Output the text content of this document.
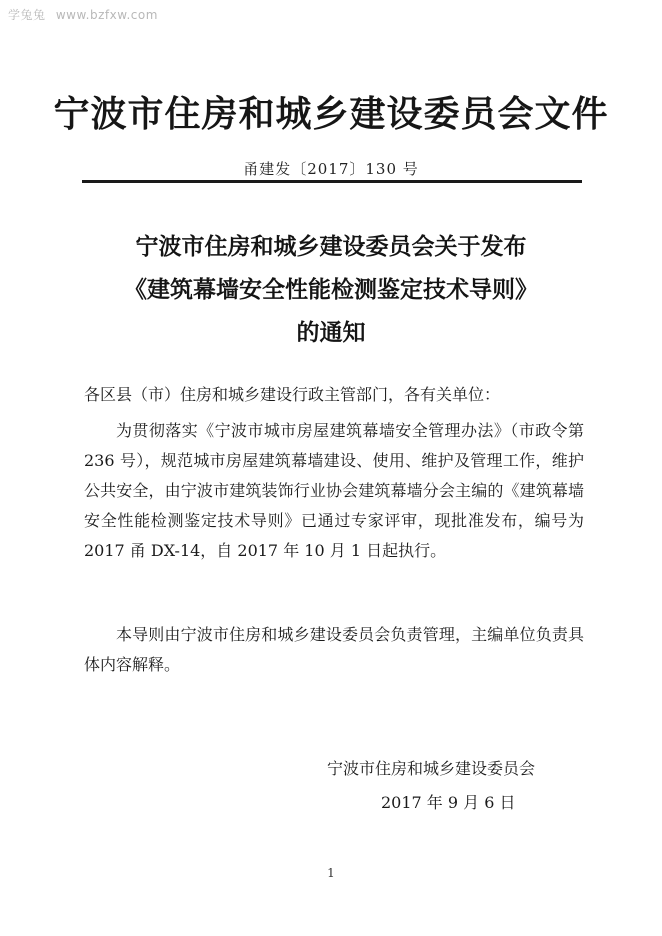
学兔兔 www.bzfxw.com
宁波市住房和城乡建设委员会文件
甬建发〔2017〕130 号
宁波市住房和城乡建设委员会关于发布
《建筑幕墙安全性能检测鉴定技术导则》
的通知
各区县（市）住房和城乡建设行政主管部门，各有关单位：
为贯彻落实《宁波市城市房屋建筑幕墙安全管理办法》（市政令第 236 号），规范城市房屋建筑幕墙建设、使用、维护及管理工作，维护公共安全，由宁波市建筑装饰行业协会建筑幕墙分会主编的《建筑幕墙安全性能检测鉴定技术导则》已通过专家评审，现批准发布，编号为 2017 甬 DX-14，自 2017 年 10 月 1 日起执行。
本导则由宁波市住房和城乡建设委员会负责管理，主编单位负责具体内容解释。
宁波市住房和城乡建设委员会
2017 年 9 月 6 日
1
